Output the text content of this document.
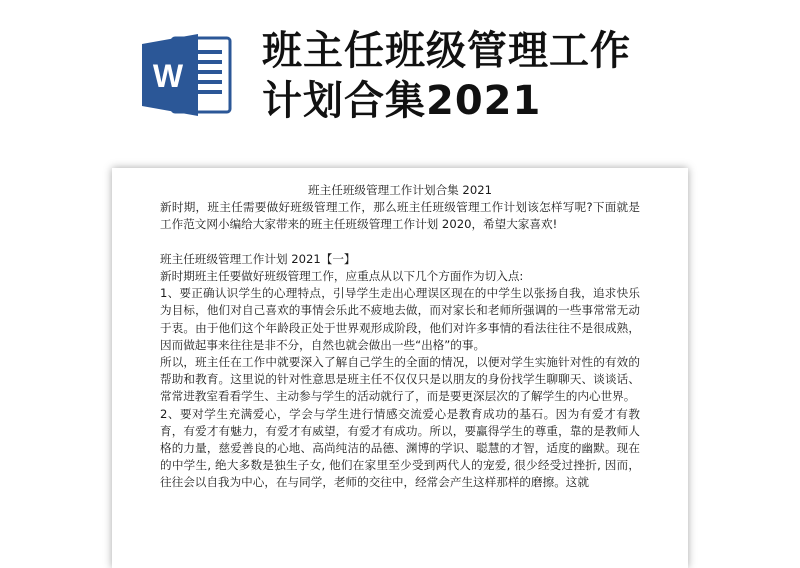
W
班主任班级管理工作
计划合集2021

班主任班级管理工作计划合集 2021

新时期，班主任需要做好班级管理工作，那么班主任班级管理工作计划该怎样写呢?下面就是工作范文网小编给大家带来的班主任班级管理工作计划 2020，希望大家喜欢!

班主任班级管理工作计划 2021【一】

新时期班主任要做好班级管理工作，应重点从以下几个方面作为切入点:

1、要正确认识学生的心理特点，引导学生走出心理误区现在的中学生以张扬自我，追求快乐为目标，他们对自己喜欢的事情会乐此不疲地去做，而对家长和老师所强调的一些事常常无动于衷。由于他们这个年龄段正处于世界观形成阶段，他们对许多事情的看法往往不是很成熟，因而做起事来往往是非不分，自然也就会做出一些“出格”的事。

所以，班主任在工作中就要深入了解自己学生的全面的情况，以便对学生实施针对性的有效的帮助和教育。这里说的针对性意思是班主任不仅仅只是以朋友的身份找学生聊聊天、谈谈话、常常进教室看看学生、主动参与学生的活动就行了，而是要更深层次的了解学生的内心世界。

2、要对学生充满爱心，学会与学生进行情感交流爱心是教育成功的基石。因为有爱才有教育，有爱才有魅力，有爱才有威望，有爱才有成功。所以，要赢得学生的尊重，靠的是教师人格的力量，慈爱善良的心地、高尚纯洁的品德、渊博的学识、聪慧的才智，适度的幽默。现在的中学生, 绝大多数是独生子女, 他们在家里至少受到两代人的宠爱, 很少经受过挫折, 因而，往往会以自我为中心，在与同学，老师的交往中，经常会产生这样那样的磨擦。这就
